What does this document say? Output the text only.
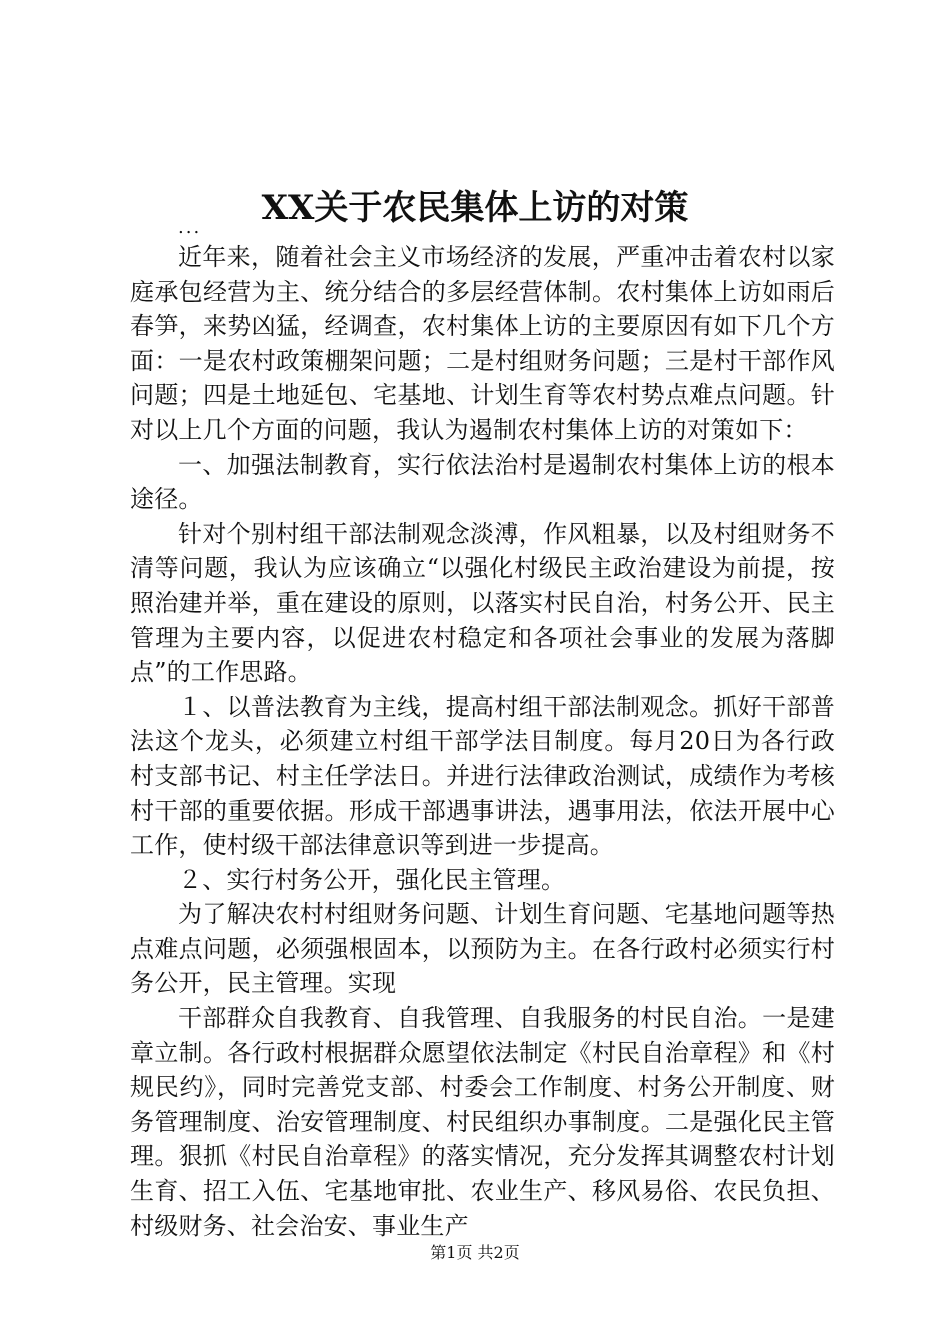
XX关于农民集体上访的对策
...

近年来，随着社会主义市场经济的发展，严重冲击着农村以家庭承包经营为主、统分结合的多层经营体制。农村集体上访如雨后春笋，来势凶猛，经调查，农村集体上访的主要原因有如下几个方面：一是农村政策棚架问题；二是村组财务问题；三是村干部作风问题；四是土地延包、宅基地、计划生育等农村势点难点问题。针对以上几个方面的问题，我认为遏制农村集体上访的对策如下：

一、加强法制教育，实行依法治村是遏制农村集体上访的根本途径。

针对个别村组干部法制观念淡溥，作风粗暴，以及村组财务不清等问题，我认为应该确立“以强化村级民主政治建设为前提，按照治建并举，重在建设的原则，以落实村民自治，村务公开、民主管理为主要内容，以促进农村稳定和各项社会事业的发展为落脚点”的工作思路。

１、以普法教育为主线，提高村组干部法制观念。抓好干部普法这个龙头，必须建立村组干部学法目制度。每月20日为各行政村支部书记、村主任学法日。并进行法律政治测试，成绩作为考核村干部的重要依据。形成干部遇事讲法，遇事用法，依法开展中心工作，使村级干部法律意识等到进一步提高。

２、实行村务公开，强化民主管理。

为了解决农村村组财务问题、计划生育问题、宅基地问题等热点难点问题，必须强根固本，以预防为主。在各行政村必须实行村务公开，民主管理。实现

干部群众自我教育、自我管理、自我服务的村民自治。一是建章立制。各行政村根据群众愿望依法制定《村民自治章程》和《村规民约》，同时完善党支部、村委会工作制度、村务公开制度、财务管理制度、治安管理制度、村民组织办事制度。二是强化民主管理。狠抓《村民自治章程》的落实情况，充分发挥其调整农村计划生育、招工入伍、宅基地审批、农业生产、移风易俗、农民负担、村级财务、社会治安、事业生产

第1页 共2页
